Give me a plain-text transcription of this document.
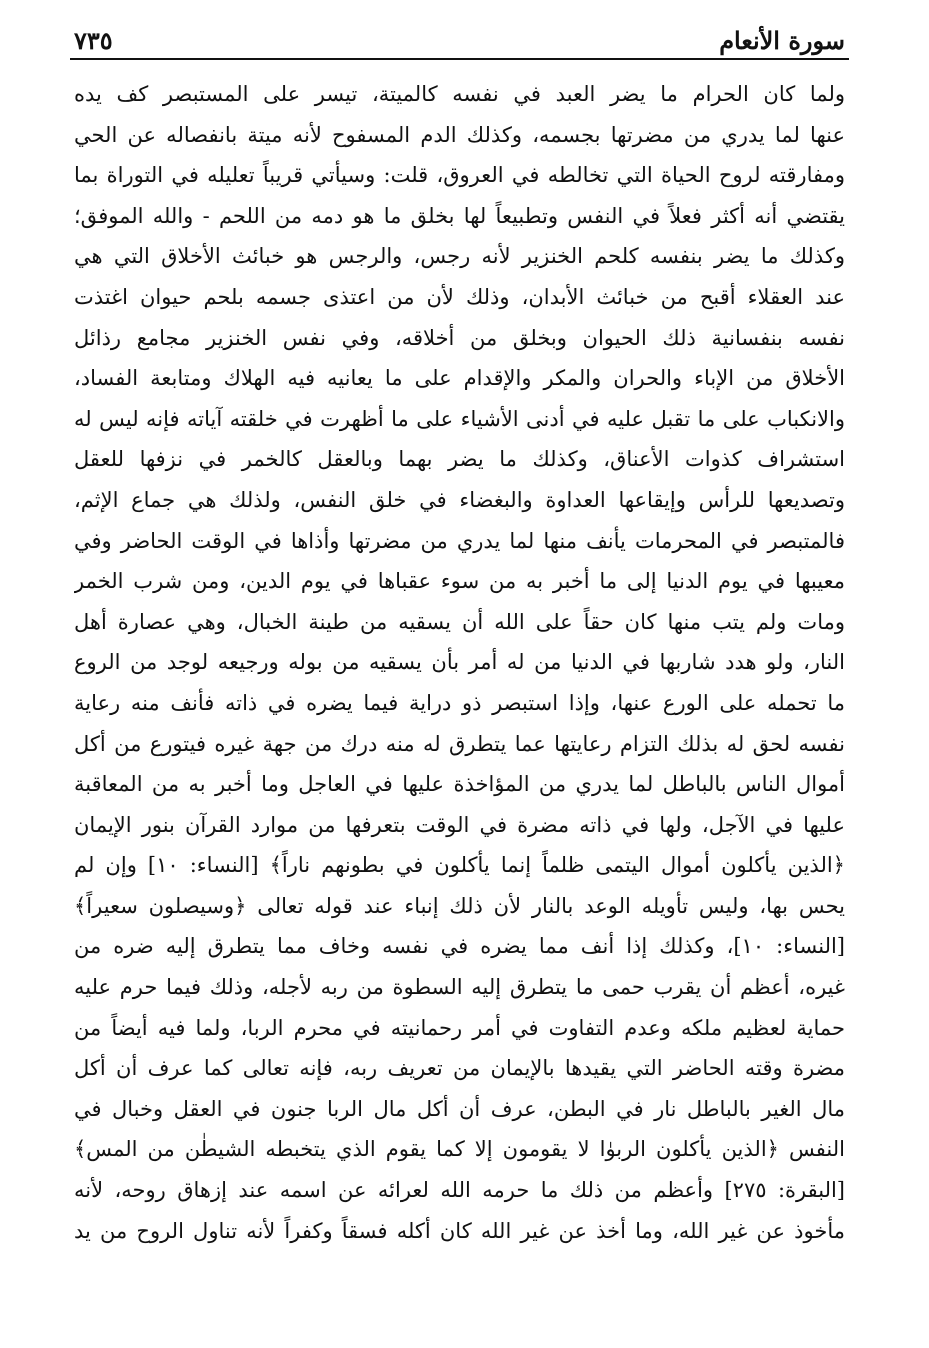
٧٣٥	سورة الأنعام
ولما كان الحرام ما يضر العبد في نفسه كالميتة، تيسر على المستبصر كف يده
عنها لما يدري من مضرتها بجسمه، وكذلك الدم المسفوح لأنه ميتة بانفصاله عن الحي
ومفارقته لروح الحياة التي تخالطه في العروق، قلت: وسيأتي قريباً تعليله في التوراة بما
يقتضي أنه أكثر فعلاً في النفس وتطبيعاً لها بخلق ما هو دمه من اللحم - والله الموفق؛
وكذلك ما يضر بنفسه كلحم الخنزير لأنه رجس، والرجس هو خبائث الأخلاق التي هي
عند العقلاء أقبح من خبائث الأبدان، وذلك لأن من اعتذى جسمه بلحم حيوان اغتذت
نفسه بنفسانية ذلك الحيوان وبخلق من أخلاقه، وفي نفس الخنزير مجامع رذائل
الأخلاق من الإباء والحران والمكر والإقدام على ما يعانيه فيه الهلاك ومتابعة الفساد،
والانكباب على ما تقبل عليه في أدنى الأشياء على ما أظهرت في خلقته آياته فإنه ليس له
استشراف كذوات الأعناق، وكذلك ما يضر بهما وبالعقل كالخمر في نزفها للعقل
وتصديعها للرأس وإيقاعها العداوة والبغضاء في خلق النفس، ولذلك هي جماع الإثم،
فالمتبصر في المحرمات يأنف منها لما يدري من مضرتها وأذاها في الوقت الحاضر وفي
معيبها في يوم الدنيا إلى ما أخبر به من سوء عقباها في يوم الدين، ومن شرب الخمر
ومات ولم يتب منها كان حقاً على الله أن يسقيه من طينة الخبال، وهي عصارة أهل
النار، ولو هدد شاربها في الدنيا من له أمر بأن يسقيه من بوله ورجيعه لوجد من الروع
ما تحمله على الورع عنها، وإذا استبصر ذو دراية فيما يضره في ذاته فأنف منه رعاية
نفسه لحق له بذلك التزام رعايتها عما يتطرق له منه درك من جهة غيره فيتورع من أكل
أموال الناس بالباطل لما يدري من المؤاخذة عليها في العاجل وما أخبر به من المعاقبة
عليها في الآجل، ولها في ذاته مضرة في الوقت بتعرفها من موارد القرآن بنور الإيمان
﴿الذين يأكلون أموال اليتمى ظلماً إنما يأكلون في بطونهم ناراً﴾ [النساء: ١٠] وإن لم
يحس بها، وليس تأويله الوعد بالنار لأن ذلك إنباء عند قوله تعالى ﴿وسيصلون سعيراً﴾
[النساء: ١٠]، وكذلك إذا أنف مما يضره في نفسه وخاف مما يتطرق إليه ضره من
غيره، أعظم أن يقرب حمى ما يتطرق إليه السطوة من ربه لأجله، وذلك فيما حرم عليه
حماية لعظيم ملكه وعدم التفاوت في أمر رحمانيته في محرم الربا، ولما فيه أيضاً من
مضرة وقته الحاضر التي يقيدها بالإيمان من تعريف ربه، فإنه تعالى كما عرف أن أكل
مال الغير بالباطل نار في البطن، عرف أن أكل مال الربا جنون في العقل وخبال في
النفس ﴿الذين يأكلون الربوٰا لا يقومون إلا كما يقوم الذي يتخبطه الشيطٰن من المس﴾
[البقرة: ٢٧٥] وأعظم من ذلك ما حرمه الله لعرائه عن اسمه عند إزهاق روحه، لأنه
مأخوذ عن غير الله، وما أخذ عن غير الله كان أكله فسقاً وكفراً لأنه تناول الروح من يد
